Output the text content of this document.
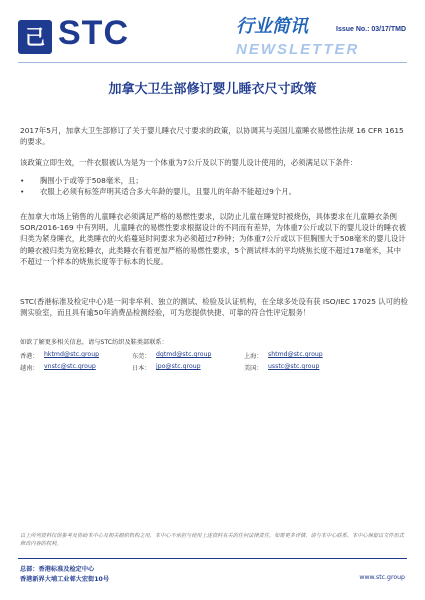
己 STC	行业简讯	Issue No.: 03/17/TMD
NEWSLETTER
加拿大卫生部修订婴儿睡衣尺寸政策
2017年5月，加拿大卫生部修订了关于婴儿睡衣尺寸要求的政策，以协调其与美国儿童睡衣易燃性法规 16 CFR 1615 的要求。
该政策立即生效，一件衣服被认为是为一个体重为7公斤及以下的婴儿设计使用的，必须满足以下条件：
•	胸围小于或等于508毫米，且；
•	衣服上必须有标签声明其适合多大年龄的婴儿，且婴儿的年龄不能超过9个月。
在加拿大市场上销售的儿童睡衣必须满足严格的易燃性要求，以防止儿童在睡觉时被烧伤，具体要求在儿童睡衣条例 SOR/2016-169 中有列明。儿童睡衣的易燃性要求根据设计的不同而有差异，为体重7公斤或以下的婴儿设计的睡衣被归类为紧身睡衣，此类睡衣的火焰蔓延时间要求为必须超过7秒钟；为体重7公斤或以下但胸围大于508毫米的婴儿设计的睡衣被归类为宽松睡衣，此类睡衣有着更加严格的易燃性要求，5个测试样本的平均烧焦长度不超过178毫米，其中不超过一个样本的烧焦长度等于标本的长度。
STC(香港标准及检定中心)是一间非牟利、独立的测试、检验及认证机构，在全球多处设有获 ISO/IEC 17025 认可的检测实验室，而且具有逾50年消费品检测经验，可为您提供快捷、可靠的符合性评定服务！
如欲了解更多相关信息，请与STC纺织及鞋类部联系：
香港： hktmd@stc.group	东莞： dgtmd@stc.group	上海： shtmd@stc.group
越南： vnstc@stc.group	日本： jpo@stc.group	美国： usstc@stc.group
以上所列资料仅供参考及协助本中心及相关组织机构之用，本中心不承担与使用上述资料有关的任何法律责任。如需更多详情，请与本中心联系。本中心保留以文件形式修改内容的权利。
总部：香港标准及检定中心
香港新界大埔工业邨大宏街10号	www.stc.group
